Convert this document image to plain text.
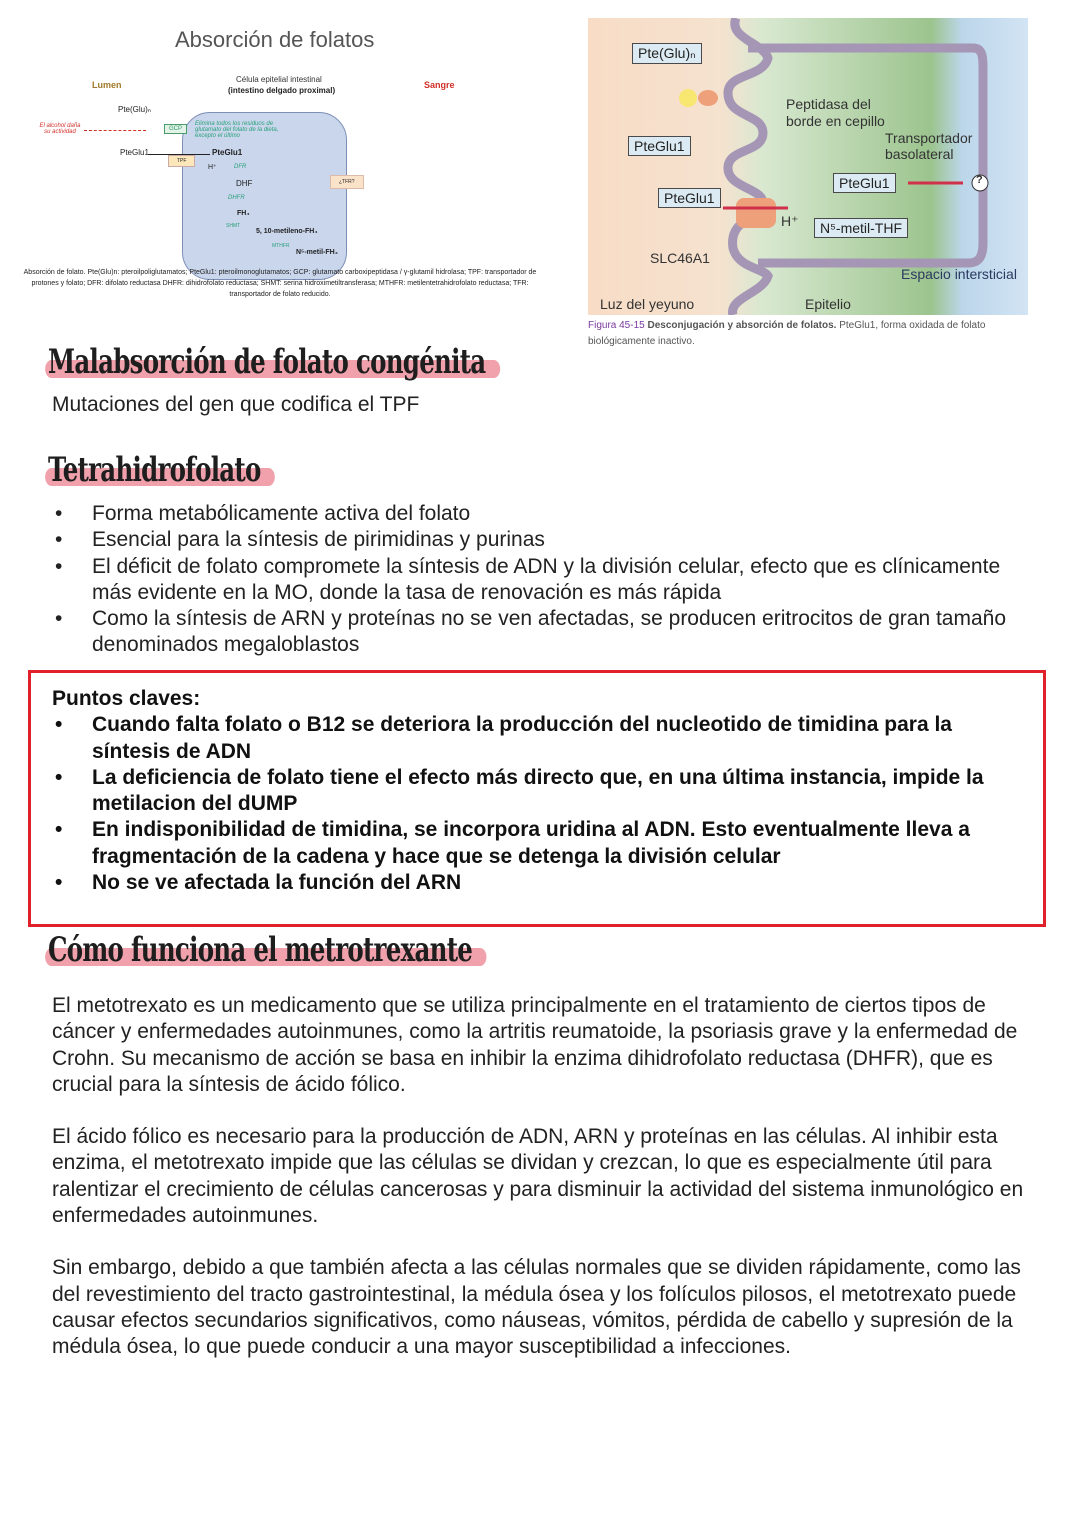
Absorción de folatos
Lumen
Célula epitelial intestinal
(intestino delgado proximal)
Sangre
Pte(Glu)ₙ
El alcohol daña su actividad	GCP
Elimina todos los residuos de glutamato del folato de la dieta, excepto el último
PteGlu1
TPF
H⁺
PteGlu1
DFR
DHF
DHFR
FH₄
SHMT
5, 10-metileno-FH₄
MTHFR
N⁵-metil-FH₄
¿TFR?
Absorción de folato. Pte(Glu)n: pteroilpoliglutamatos; PteGlu1: pteroilmonoglutamatos; GCP: glutamato carboxipeptidasa / γ-glutamil hidrolasa; TPF: transportador de protones y folato; DFR: difolato reductasa DHFR: dihidrofolato reductasa; SHMT: serina hidroximetiltransferasa; MTHFR: metilentetrahidrofolato reductasa; TFR: transportador de folato reducido.
Pte(Glu)ₙ
Peptidasa del borde en cepillo
PteGlu1
PteGlu1
Transportador basolateral
PteGlu1	?
H⁺	N⁵-metil-THF
SLC46A1
Espacio intersticial
Luz del yeyuno	Epitelio
Figura 45-15 Desconjugación y absorción de folatos. PteGlu1, forma oxidada de folato biológicamente inactivo.
Malabsorción de folato congénita
Mutaciones del gen que codifica el TPF
Tetrahidrofolato
• Forma metabólicamente activa del folato
• Esencial para la síntesis de pirimidinas y purinas
• El déficit de folato compromete la síntesis de ADN y la división celular, efecto que es clínicamente más evidente en la MO, donde la tasa de renovación es más rápida
• Como la síntesis de ARN y proteínas no se ven afectadas, se producen eritrocitos de gran tamaño denominados megaloblastos
Puntos claves:
• Cuando falta folato o B12 se deteriora la producción del nucleotido de timidina para la síntesis de ADN
• La deficiencia de folato tiene el efecto más directo que, en una última instancia, impide la metilacion del dUMP
• En indisponibilidad de timidina, se incorpora uridina al ADN. Esto eventualmente lleva a fragmentación de la cadena y hace que se detenga la división celular
• No se ve afectada la función del ARN
Cómo funciona el metrotrexante

El metotrexato es un medicamento que se utiliza principalmente en el tratamiento de ciertos tipos de cáncer y enfermedades autoinmunes, como la artritis reumatoide, la psoriasis grave y la enfermedad de Crohn. Su mecanismo de acción se basa en inhibir la enzima dihidrofolato reductasa (DHFR), que es crucial para la síntesis de ácido fólico.

El ácido fólico es necesario para la producción de ADN, ARN y proteínas en las células. Al inhibir esta enzima, el metotrexato impide que las células se dividan y crezcan, lo que es especialmente útil para ralentizar el crecimiento de células cancerosas y para disminuir la actividad del sistema inmunológico en enfermedades autoinmunes.

Sin embargo, debido a que también afecta a las células normales que se dividen rápidamente, como las del revestimiento del tracto gastrointestinal, la médula ósea y los folículos pilosos, el metotrexato puede causar efectos secundarios significativos, como náuseas, vómitos, pérdida de cabello y supresión de la médula ósea, lo que puede conducir a una mayor susceptibilidad a infecciones.
